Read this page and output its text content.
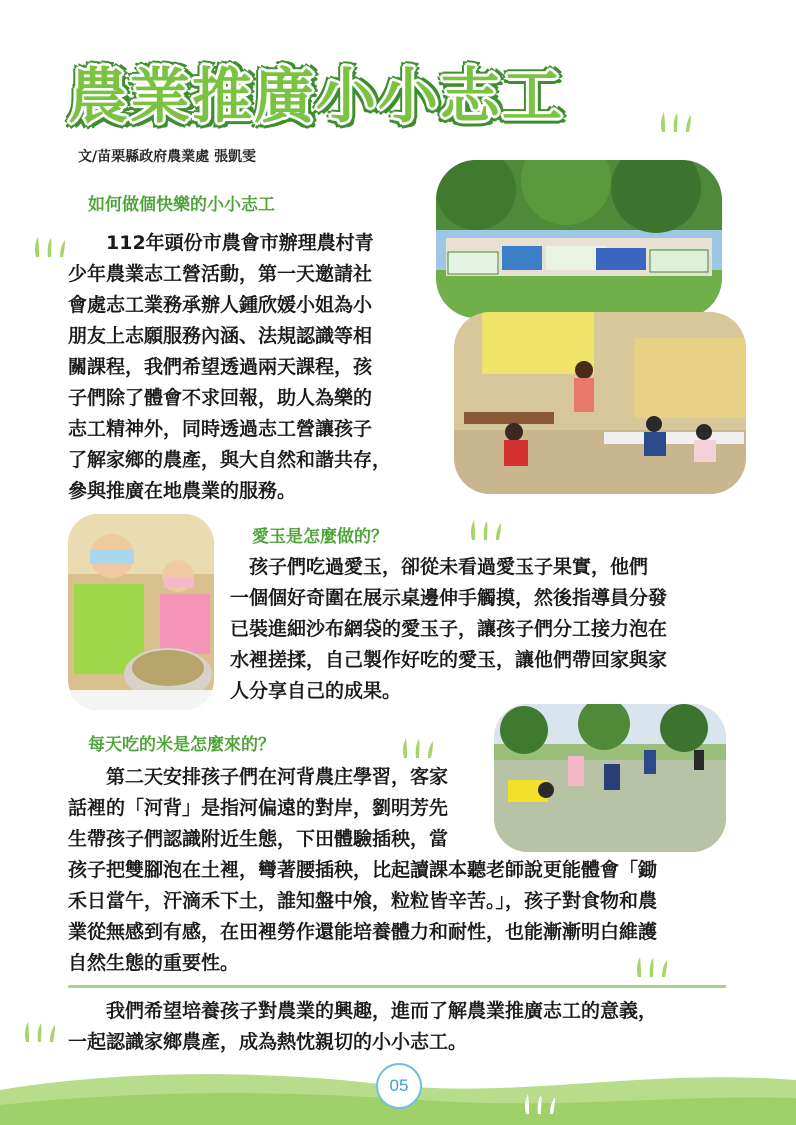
農業推廣小小志工
文/苗栗縣政府農業處 張凱雯
如何做個快樂的小小志工
　　112年頭份市農會市辦理農村青
少年農業志工營活動，第一天邀請社
會處志工業務承辦人鍾欣媛小姐為小
朋友上志願服務內涵、法規認識等相
關課程，我們希望透過兩天課程，孩
子們除了體會不求回報，助人為樂的
志工精神外，同時透過志工營讓孩子
了解家鄉的農產，與大自然和諧共存，
參與推廣在地農業的服務。
愛玉是怎麼做的？
　孩子們吃過愛玉，卻從未看過愛玉子果實，他們
一個個好奇圍在展示桌邊伸手觸摸，然後指導員分發
已裝進細沙布網袋的愛玉子，讓孩子們分工接力泡在
水裡搓揉，自己製作好吃的愛玉，讓他們帶回家與家
人分享自己的成果。
每天吃的米是怎麼來的？
　　第二天安排孩子們在河背農庄學習，客家
話裡的「河背」是指河偏遠的對岸，劉明芳先
生帶孩子們認識附近生態，下田體驗插秧，當
孩子把雙腳泡在土裡，彎著腰插秧，比起讀課本聽老師說更能體會「鋤
禾日當午，汗滴禾下土，誰知盤中飧，粒粒皆辛苦。」，孩子對食物和農
業從無感到有感，在田裡勞作還能培養體力和耐性，也能漸漸明白維護
自然生態的重要性。
　　我們希望培養孩子對農業的興趣，進而了解農業推廣志工的意義，
一起認識家鄉農產，成為熱忱親切的小小志工。
05
